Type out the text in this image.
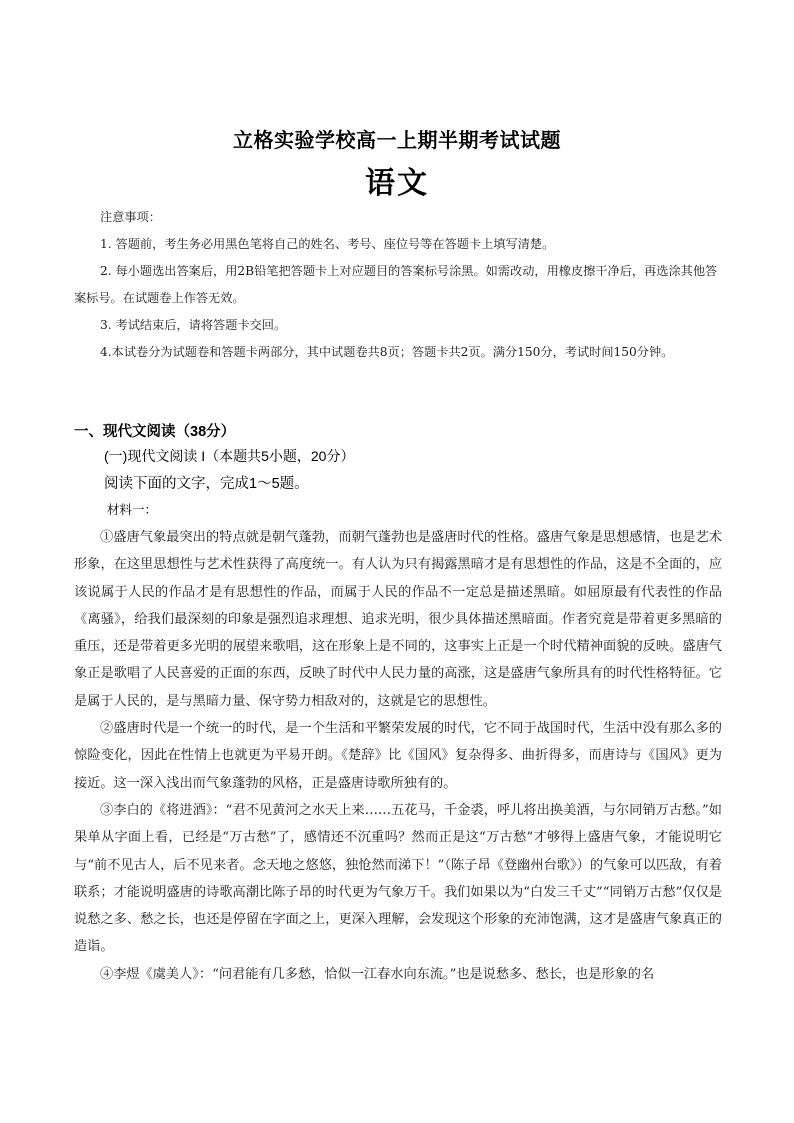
立格实验学校高一上期半期考试试题
语文

注意事项：

1. 答题前，考生务必用黑色笔将自己的姓名、考号、座位号等在答题卡上填写清楚。

2. 每小题选出答案后，用2B铅笔把答题卡上对应题目的答案标号涂黑。如需改动，用橡皮擦干净后，再选涂其他答案标号。在试题卷上作答无效。

3. 考试结束后，请将答题卡交回。

4.本试卷分为试题卷和答题卡两部分，其中试题卷共8页；答题卡共2页。满分150分，考试时间150分钟。

一、现代文阅读（38分）
(一)现代文阅读 I（本题共5小题，20分）
阅读下面的文字，完成1～5题。
材料一：

①盛唐气象最突出的特点就是朝气蓬勃，而朝气蓬勃也是盛唐时代的性格。盛唐气象是思想感情，也是艺术形象，在这里思想性与艺术性获得了高度统一。有人认为只有揭露黑暗才是有思想性的作品，这是不全面的，应该说属于人民的作品才是有思想性的作品，而属于人民的作品不一定总是描述黑暗。如屈原最有代表性的作品《离骚》，给我们最深刻的印象是强烈追求理想、追求光明，很少具体描述黑暗面。作者究竟是带着更多黑暗的重压，还是带着更多光明的展望来歌唱，这在形象上是不同的，这事实上正是一个时代精神面貌的反映。盛唐气象正是歌唱了人民喜爱的正面的东西，反映了时代中人民力量的高涨，这是盛唐气象所具有的时代性格特征。它是属于人民的，是与黑暗力量、保守势力相敌对的，这就是它的思想性。

②盛唐时代是一个统一的时代，是一个生活和平繁荣发展的时代，它不同于战国时代，生活中没有那么多的惊险变化，因此在性情上也就更为平易开朗。《楚辞》比《国风》复杂得多、曲折得多，而唐诗与《国风》更为接近。这一深入浅出而气象蓬勃的风格，正是盛唐诗歌所独有的。

③李白的《将进酒》：“君不见黄河之水天上来……五花马，千金裘，呼儿将出换美酒，与尔同销万古愁。”如果单从字面上看，已经是“万古愁”了，感情还不沉重吗？然而正是这“万古愁”才够得上盛唐气象，才能说明它与“前不见古人，后不见来者。念天地之悠悠，独怆然而涕下！”（陈子昂《登幽州台歌》）的气象可以匹敌，有着联系；才能说明盛唐的诗歌高潮比陈子昂的时代更为气象万千。我们如果以为“白发三千丈”“同销万古愁”仅仅是说愁之多、愁之长，也还是停留在字面之上，更深入理解，会发现这个形象的充沛饱满，这才是盛唐气象真正的造诣。

④李煜《虞美人》：“问君能有几多愁，恰似一江春水向东流。”也是说愁多、愁长，也是形象的名
